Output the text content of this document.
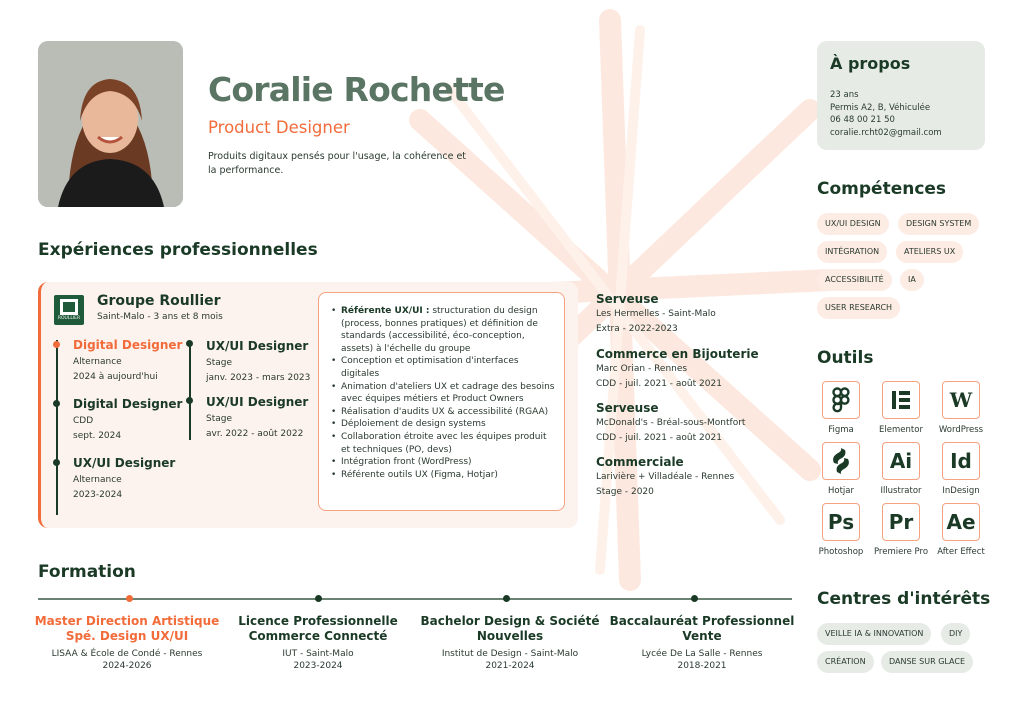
Coralie Rochette
Product Designer
Produits digitaux pensés pour l'usage, la cohérence et la performance.
Expériences professionnelles
ROULLIER
Groupe Roullier
Saint-Malo - 3 ans et 8 mois
Digital Designer
Alternance
2024 à aujourd'hui
Digital Designer
CDD
sept. 2024
UX/UI Designer
Alternance
2023-2024
UX/UI Designer
Stage
janv. 2023 - mars 2023
UX/UI Designer
Stage
avr. 2022 - août 2022
• Référente UX/UI : structuration du design (process, bonnes pratiques) et définition de standards (accessibilité, éco-conception, assets) à l'échelle du groupe
• Conception et optimisation d'interfaces digitales
• Animation d'ateliers UX et cadrage des besoins avec équipes métiers et Product Owners
• Réalisation d'audits UX & accessibilité (RGAA)
• Déploiement de design systems
• Collaboration étroite avec les équipes produit et techniques (PO, devs)
• Intégration front (WordPress)
• Référente outils UX (Figma, Hotjar)
Serveuse
Les Hermelles - Saint-Malo
Extra - 2022-2023
Commerce en Bijouterie
Marc Orian - Rennes
CDD - juil. 2021 - août 2021
Serveuse
McDonald's - Bréal-sous-Montfort
CDD - juil. 2021 - août 2021
Commerciale
Larivière + Villadéale - Rennes
Stage - 2020
Formation
Master Direction Artistique
Spé. Design UX/UI
LISAA & École de Condé - Rennes
2024-2026
Licence Professionnelle
Commerce Connecté
IUT - Saint-Malo
2023-2024
Bachelor Design & Société
Nouvelles
Institut de Design - Saint-Malo
2021-2024
Baccalauréat Professionnel
Vente
Lycée De La Salle - Rennes
2018-2021
À propos
23 ans
Permis A2, B, Véhiculée
06 48 00 21 50
coralie.rcht02@gmail.com
Compétences
UX/UI DESIGN	DESIGN SYSTEM
INTÉGRATION	ATELIERS UX
ACCESSIBILITÉ	IA
USER RESEARCH
Outils
Figma	Elementor
W
WordPress
Hotjar
Ai
Illustrator
Id
InDesign
Ps
Photoshop
Pr
Premiere Pro
Ae
After Effect
Centres d'intérêts
VEILLE IA & INNOVATION	DIY
CRÉATION	DANSE SUR GLACE
